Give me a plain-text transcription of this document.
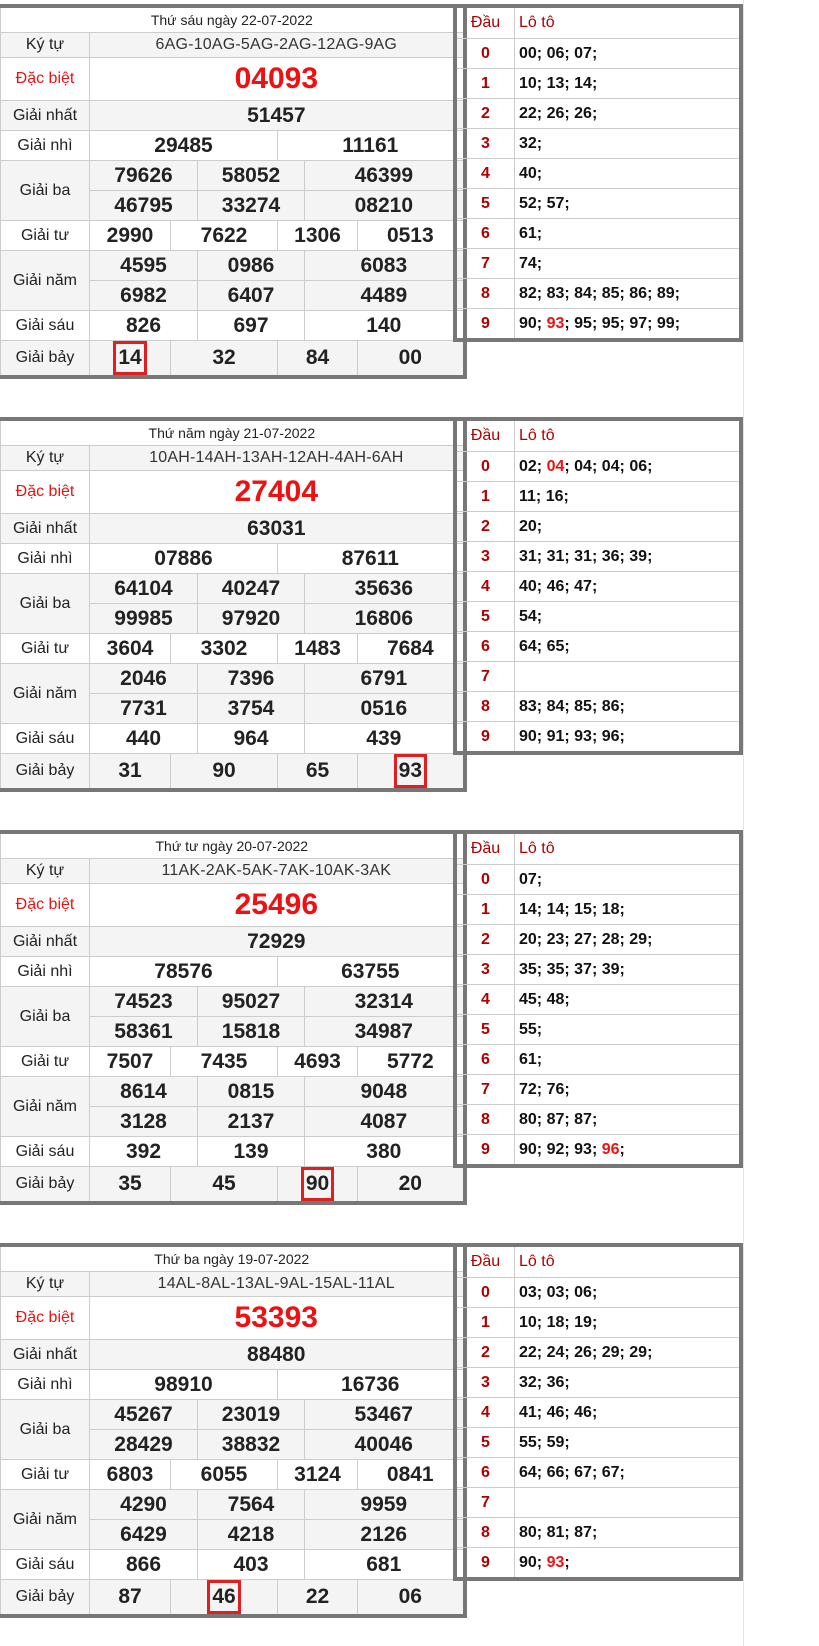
Thứ sáu ngày 22-07-2022						
Ký tự	6AG-10AG-5AG-2AG-12AG-9AG					
Đặc biệt	04093					
Giải nhất	51457					
Giải nhì	29485			11161		
Giải ba	79626		58052		46399	
	46795		33274		08210	
Giải tư	2990	7622		1306		0513
Giải năm	4595		0986		6083	
	6982		6407		4489	
Giải sáu	826		697		140	
Giải bảy	14	32		84		00
Đầu	Lô tô
0	00; 06; 07;
1	10; 13; 14;
2	22; 26; 26;
3	32;
4	40;
5	52; 57;
6	61;
7	74;
8	82; 83; 84; 85; 86; 89;
9	90; 93; 95; 95; 97; 99;
Thứ năm ngày 21-07-2022						
Ký tự	10AH-14AH-13AH-12AH-4AH-6AH					
Đặc biệt	27404					
Giải nhất	63031					
Giải nhì	07886			87611		
Giải ba	64104		40247		35636	
	99985		97920		16806	
Giải tư	3604	3302		1483		7684
Giải năm	2046		7396		6791	
	7731		3754		0516	
Giải sáu	440		964		439	
Giải bảy	31	90		65		93
Đầu	Lô tô
0	02; 04; 04; 04; 06;
1	11; 16;
2	20;
3	31; 31; 31; 36; 39;
4	40; 46; 47;
5	54;
6	64; 65;
7	
8	83; 84; 85; 86;
9	90; 91; 93; 96;
Thứ tư ngày 20-07-2022						
Ký tự	11AK-2AK-5AK-7AK-10AK-3AK					
Đặc biệt	25496					
Giải nhất	72929					
Giải nhì	78576			63755		
Giải ba	74523		95027		32314	
	58361		15818		34987	
Giải tư	7507	7435		4693		5772
Giải năm	8614		0815		9048	
	3128		2137		4087	
Giải sáu	392		139		380	
Giải bảy	35	45		90		20
Đầu	Lô tô
0	07;
1	14; 14; 15; 18;
2	20; 23; 27; 28; 29;
3	35; 35; 37; 39;
4	45; 48;
5	55;
6	61;
7	72; 76;
8	80; 87; 87;
9	90; 92; 93; 96;
Thứ ba ngày 19-07-2022						
Ký tự	14AL-8AL-13AL-9AL-15AL-11AL					
Đặc biệt	53393					
Giải nhất	88480					
Giải nhì	98910			16736		
Giải ba	45267		23019		53467	
	28429		38832		40046	
Giải tư	6803	6055		3124		0841
Giải năm	4290		7564		9959	
	6429		4218		2126	
Giải sáu	866		403		681	
Giải bảy	87	46		22		06
Đầu	Lô tô
0	03; 03; 06;
1	10; 18; 19;
2	22; 24; 26; 29; 29;
3	32; 36;
4	41; 46; 46;
5	55; 59;
6	64; 66; 67; 67;
7	
8	80; 81; 87;
9	90; 93;
